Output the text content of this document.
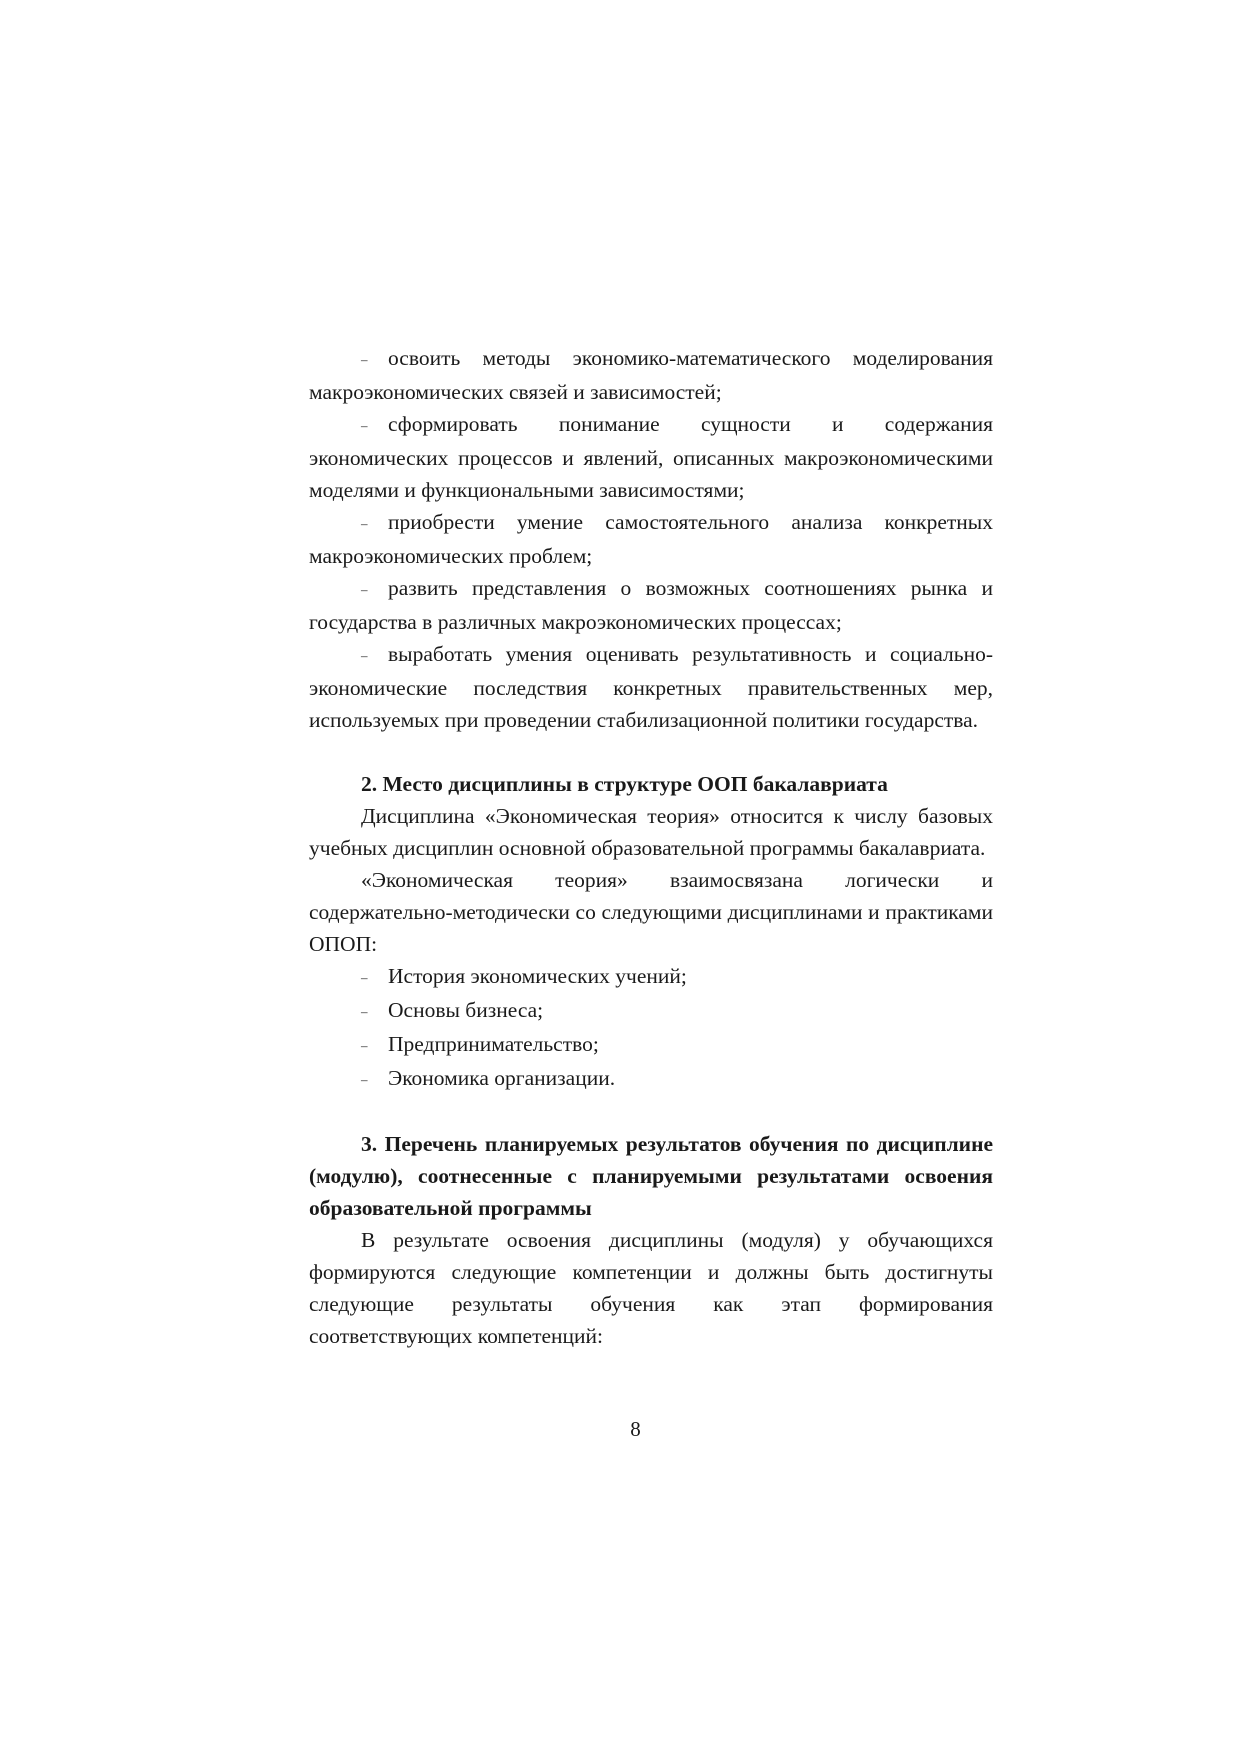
– освоить методы экономико-математического моделирования макроэкономических связей и зависимостей;

– сформировать понимание сущности и содержания экономических процессов и явлений, описанных макроэкономическими моделями и функциональными зависимостями;

– приобрести умение самостоятельного анализа конкретных макроэкономических проблем;

– развить представления о возможных соотношениях рынка и государства в различных макроэкономических процессах;

– выработать умения оценивать результативность и социально-экономические последствия конкретных правительственных мер, используемых при проведении стабилизационной политики государства.

2. Место дисциплины в структуре ООП бакалавриата

Дисциплина «Экономическая теория» относится к числу базовых учебных дисциплин основной образовательной программы бакалавриата.

«Экономическая теория» взаимосвязана логически и содержательно-методически со следующими дисциплинами и практиками ОПОП:

– История экономических учений;

– Основы бизнеса;

– Предпринимательство;

– Экономика организации.

3. Перечень планируемых результатов обучения по дисциплине (модулю), соотнесенные с планируемыми результатами освоения образовательной программы

В результате освоения дисциплины (модуля) у обучающихся формируются следующие компетенции и должны быть достигнуты следующие результаты обучения как этап формирования соответствующих компетенций:

8
